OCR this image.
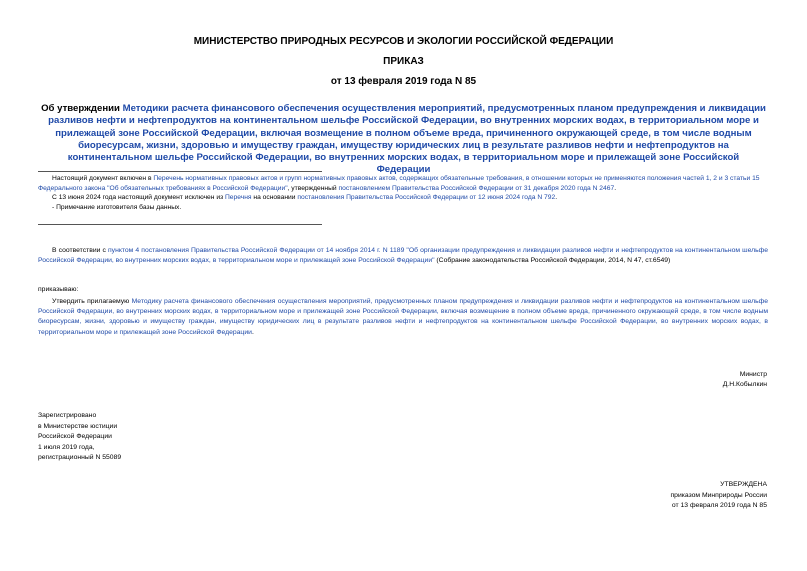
МИНИСТЕРСТВО ПРИРОДНЫХ РЕСУРСОВ И ЭКОЛОГИИ РОССИЙСКОЙ ФЕДЕРАЦИИ
ПРИКАЗ
от 13 февраля 2019 года N 85
Об утверждении Методики расчета финансового обеспечения осуществления мероприятий, предусмотренных планом предупреждения и ликвидации разливов нефти и нефтепродуктов на континентальном шельфе Российской Федерации, во внутренних морских водах, в территориальном море и прилежащей зоне Российской Федерации, включая возмещение в полном объеме вреда, причиненного окружающей среде, в том числе водным биоресурсам, жизни, здоровью и имуществу граждан, имуществу юридических лиц в результате разливов нефти и нефтепродуктов на континентальном шельфе Российской Федерации, во внутренних морских водах, в территориальном море и прилежащей зоне Российской Федерации

Настоящий документ включен в Перечень нормативных правовых актов и групп нормативных правовых актов, содержащих обязательные требования, в отношении которых не применяются положения частей 1, 2 и 3 статьи 15 Федерального закона "Об обязательных требованиях в Российской Федерации", утвержденный постановлением Правительства Российской Федерации от 31 декабря 2020 года N 2467.

С 13 июня 2024 года настоящий документ исключен из Перечня на основании постановления Правительства Российской Федерации от 12 июня 2024 года N 792.

- Примечание изготовителя базы данных.

В соответствии с пунктом 4 постановления Правительства Российской Федерации от 14 ноября 2014 г. N 1189 "Об организации предупреждения и ликвидации разливов нефти и нефтепродуктов на континентальном шельфе Российской Федерации, во внутренних морских водах, в территориальном море и прилежащей зоне Российской Федерации" (Собрание законодательства Российской Федерации, 2014, N 47, ст.6549)

приказываю:

Утвердить прилагаемую Методику расчета финансового обеспечения осуществления мероприятий, предусмотренных планом предупреждения и ликвидации разливов нефти и нефтепродуктов на континентальном шельфе Российской Федерации, во внутренних морских водах, в территориальном море и прилежащей зоне Российской Федерации, включая возмещение в полном объеме вреда, причиненного окружающей среде, в том числе водным биоресурсам, жизни, здоровью и имуществу граждан, имуществу юридических лиц в результате разливов нефти и нефтепродуктов на континентальном шельфе Российской Федерации, во внутренних морских водах, в территориальном море и прилежащей зоне Российской Федерации.

Министр
Д.Н.Кобылкин
Зарегистрировано
в Министерстве юстиции
Российской Федерации
1 июля 2019 года,
регистрационный N 55089
УТВЕРЖДЕНА
приказом Минприроды России
от 13 февраля 2019 года N 85
